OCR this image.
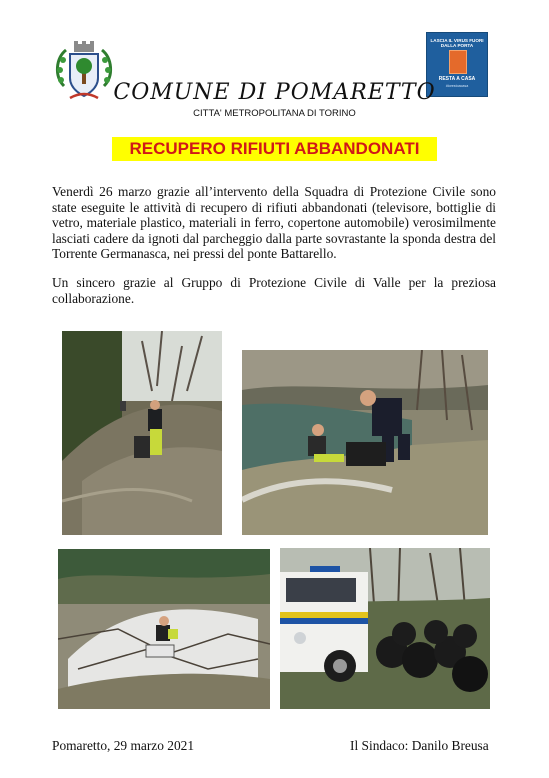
LASCIA IL VIRUS FUORI DALLA PORTA
RESTA A CASA
#iorestoacasa
COMUNE DI POMARETTO
CITTA' METROPOLITANA DI TORINO
RECUPERO RIFIUTI ABBANDONATI
Venerdì 26 marzo grazie all’intervento della Squadra di Protezione Civile sono state eseguite le attività di recupero di rifiuti abbandonati (televisore, bottiglie di vetro, materiale plastico, materiali in ferro, copertone automobile) verosimilmente lasciati cadere da ignoti dal parcheggio dalla parte sovrastante la sponda destra del Torrente Germanasca, nei pressi del ponte Battarello.
Un sincero grazie al Gruppo di Protezione Civile di Valle per la preziosa collaborazione.
Pomaretto, 29 marzo 2021	Il Sindaco: Danilo Breusa
